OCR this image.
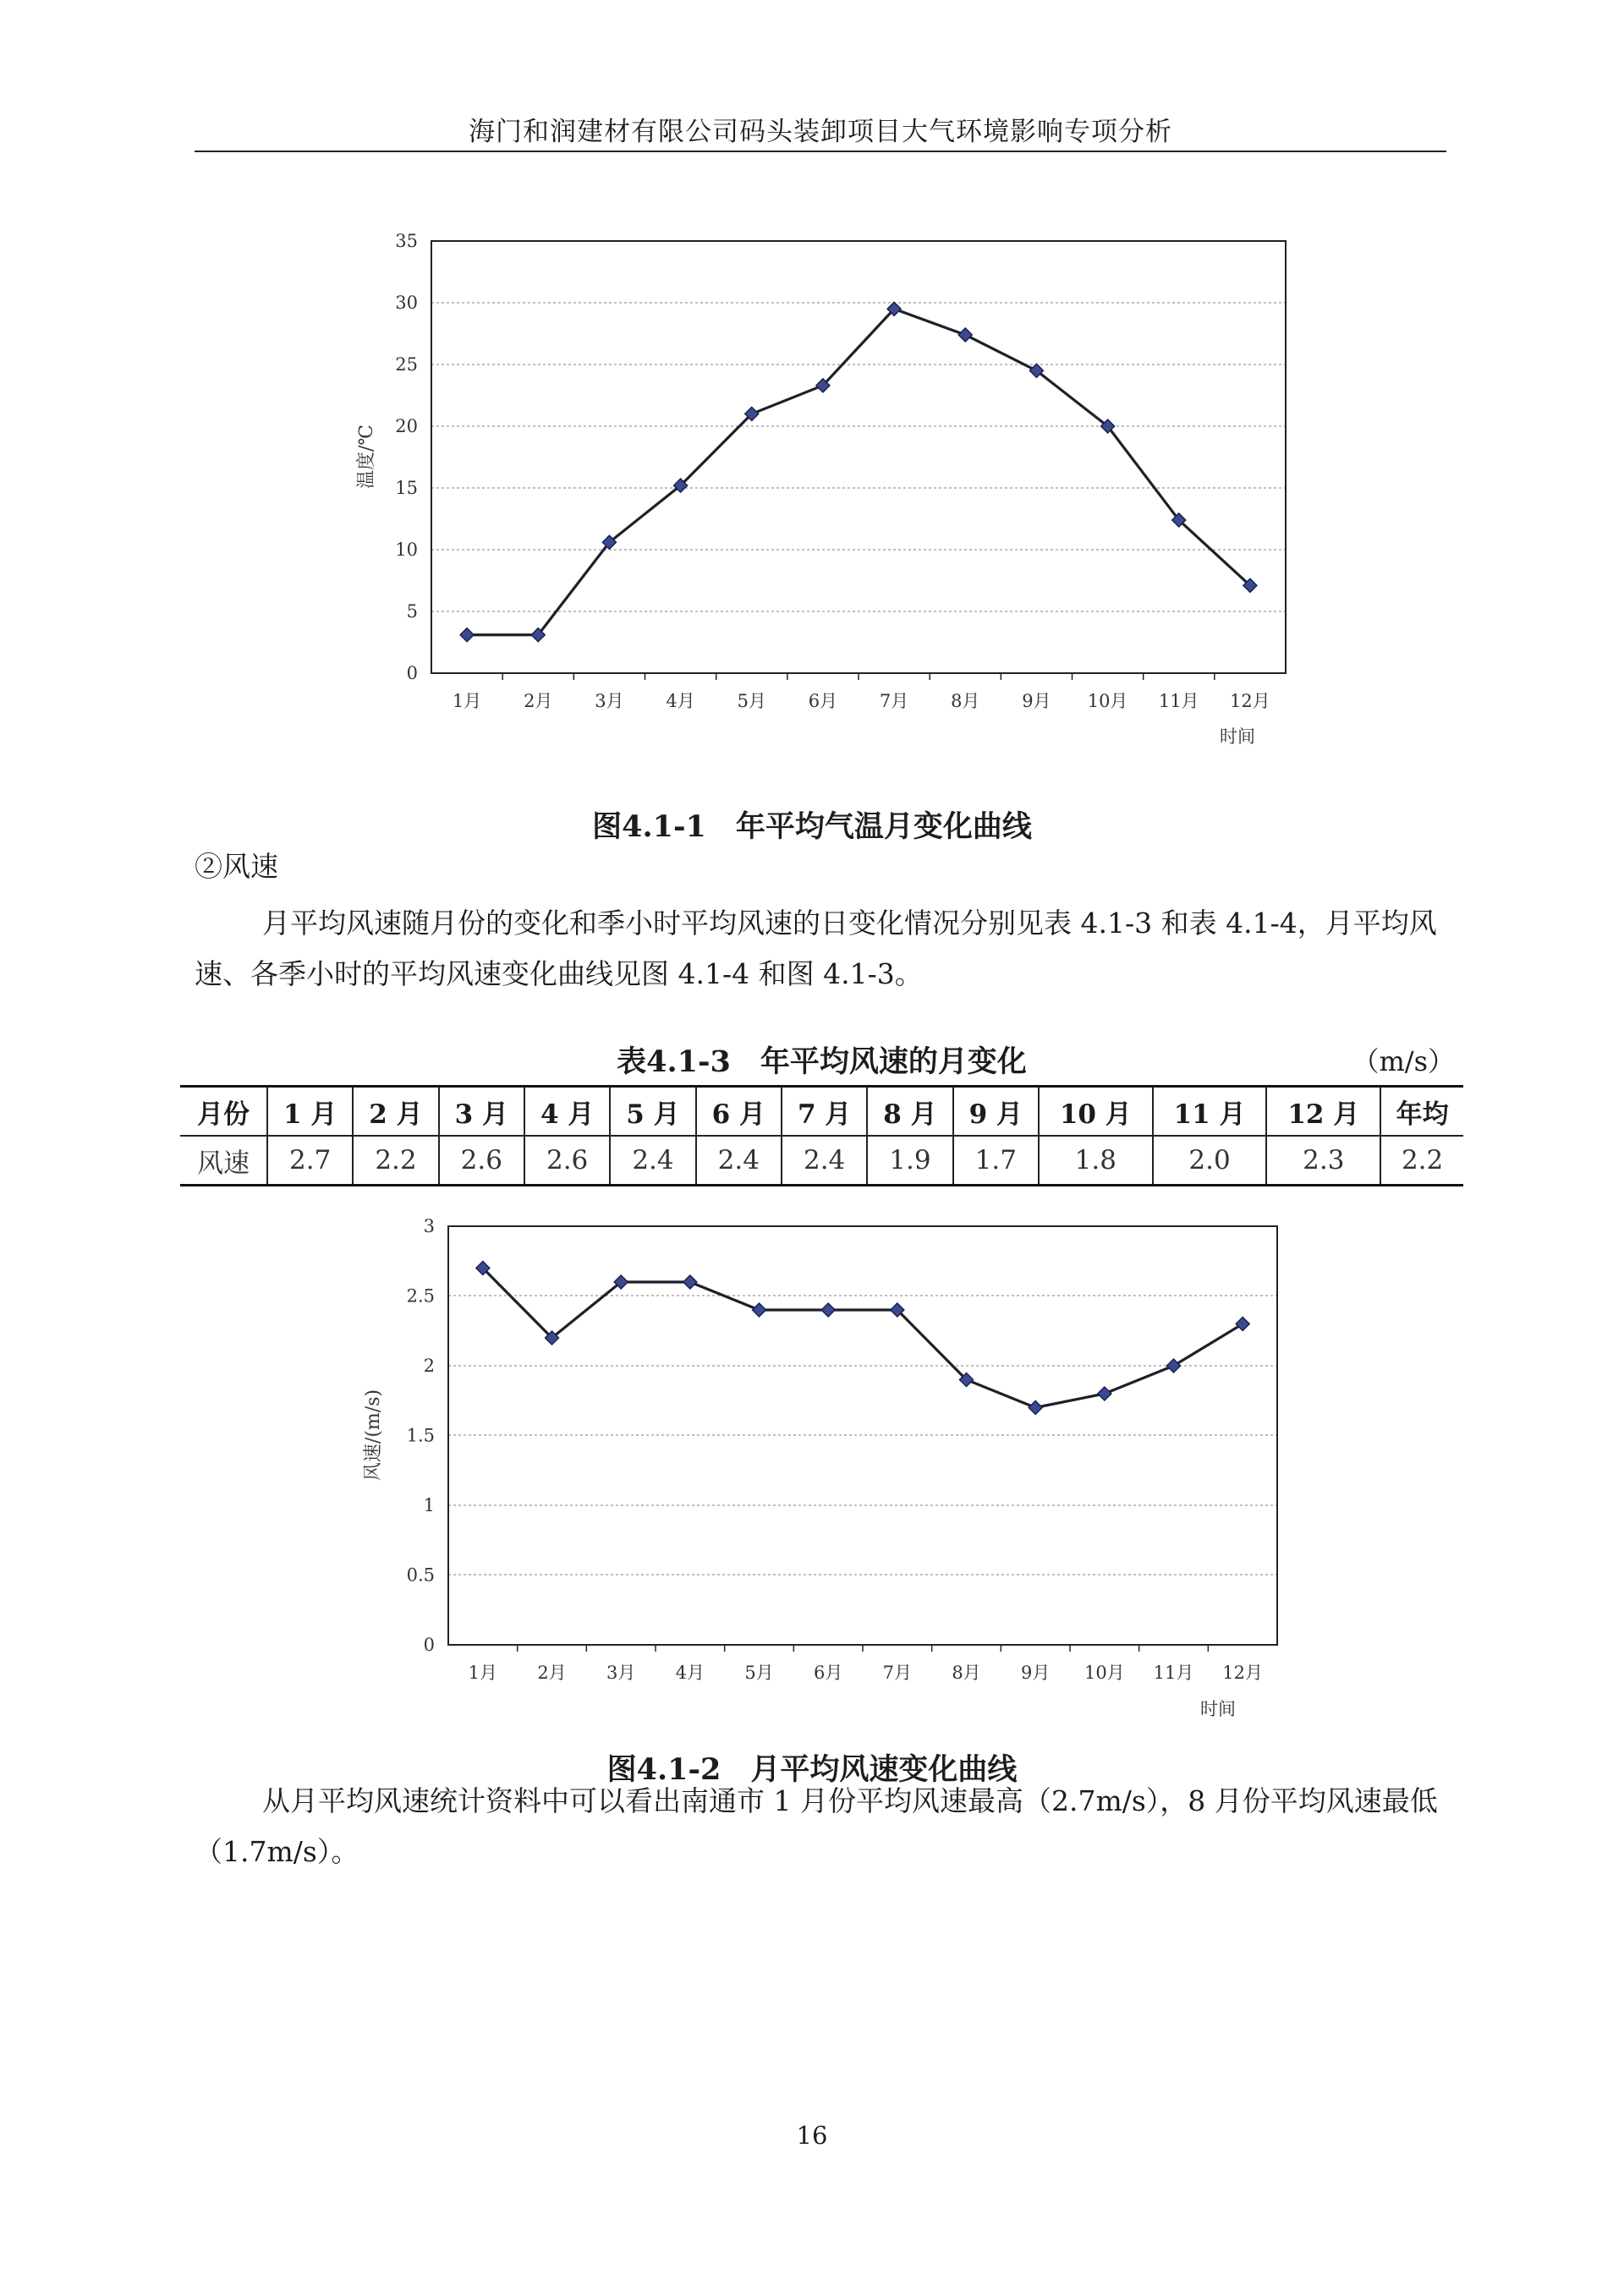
海门和润建材有限公司码头装卸项目大气环境影响专项分析
0
5
10
15
20
25
30
35
1月 2月 3月 4月 5月 6月 7月 8月 9月 10月 11月 12月
温度/℃
时间
图4.1-1　年平均气温月变化曲线
②风速
月平均风速随月份的变化和季小时平均风速的日变化情况分别见表 4.1-3 和表 4.1-4，月平均风速、各季小时的平均风速变化曲线见图 4.1-4 和图 4.1-3。
表4.1-3　年平均风速的月变化	（m/s）
月份	1 月	2 月	3 月	4 月	5 月	6 月	7 月	8 月	9 月	10 月	11 月	12 月	年均
风速	2.7	2.2	2.6	2.6	2.4	2.4	2.4	1.9	1.7	1.8	2.0	2.3	2.2
0
0.5
1
1.5
2
2.5
3
1月 2月 3月 4月 5月 6月 7月 8月 9月 10月 11月 12月
风速/(m/s)
时间
图4.1-2　月平均风速变化曲线
从月平均风速统计资料中可以看出南通市 1 月份平均风速最高（2.7m/s），8 月份平均风速最低（1.7m/s）。
16
